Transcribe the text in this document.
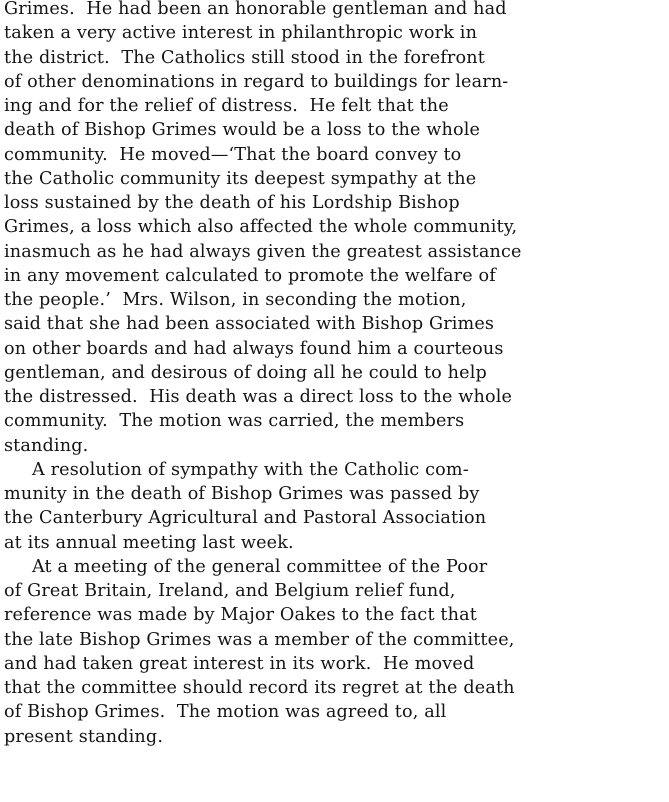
Grimes.  He had been an honorable gentleman and had
taken a very active interest in philanthropic work in
the district.  The Catholics still stood in the forefront
of other denominations in regard to buildings for learn-
ing and for the relief of distress.  He felt that the
death of Bishop Grimes would be a loss to the whole
community.  He moved—‘That the board convey to
the Catholic community its deepest sympathy at the
loss sustained by the death of his Lordship Bishop
Grimes, a loss which also affected the whole community,
inasmuch as he had always given the greatest assistance
in any movement calculated to promote the welfare of
the people.’  Mrs. Wilson, in seconding the motion,
said that she had been associated with Bishop Grimes
on other boards and had always found him a courteous
gentleman, and desirous of doing all he could to help
the distressed.  His death was a direct loss to the whole
community.  The motion was carried, the members
standing.

A resolution of sympathy with the Catholic com-
munity in the death of Bishop Grimes was passed by
the Canterbury Agricultural and Pastoral Association
at its annual meeting last week.

At a meeting of the general committee of the Poor
of Great Britain, Ireland, and Belgium relief fund,
reference was made by Major Oakes to the fact that
the late Bishop Grimes was a member of the committee,
and had taken great interest in its work.  He moved
that the committee should record its regret at the death
of Bishop Grimes.  The motion was agreed to, all
present standing.
